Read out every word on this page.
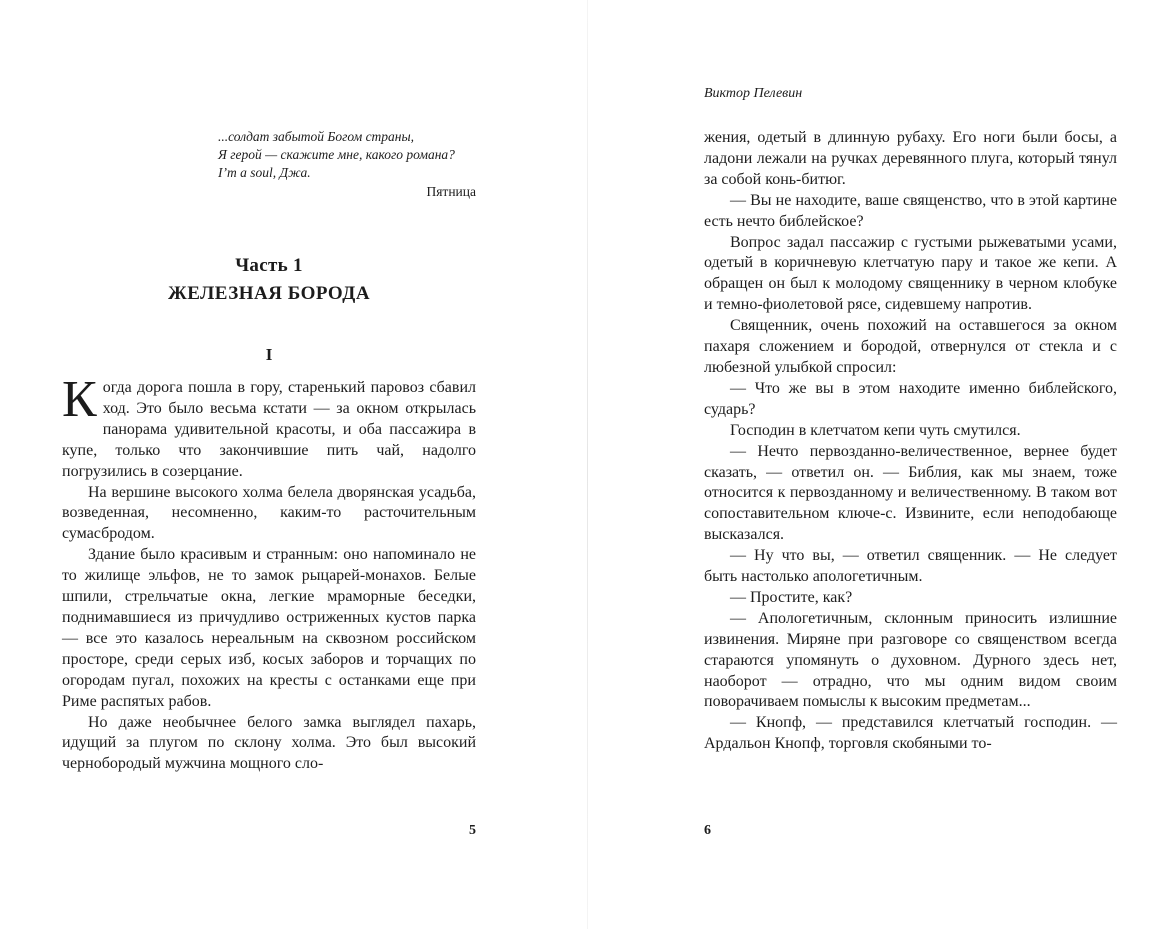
...солдат забытой Богом страны,
Я герой — скажите мне, какого романа?
I’m a soul, Джа.
Пятница
Часть 1
ЖЕЛЕЗНАЯ БОРОДА
I

Когда дорога пошла в гору, старенький паровоз сбавил ход. Это было весьма кстати — за окном открылась панорама удивительной красоты, и оба пассажира в купе, только что закончившие пить чай, надолго погрузились в созерцание.

На вершине высокого холма белела дворянская усадьба, возведенная, несомненно, каким-то расточительным сумасбродом.

Здание было красивым и странным: оно напоминало не то жилище эльфов, не то замок рыцарей-монахов. Белые шпили, стрельчатые окна, легкие мраморные беседки, поднимавшиеся из причудливо остриженных кустов парка — все это казалось нереальным на сквозном российском просторе, среди серых изб, косых заборов и торчащих по огородам пугал, похожих на кресты с останками еще при Риме распятых рабов.

Но даже необычнее белого замка выглядел пахарь, идущий за плугом по склону холма. Это был высокий чернобородый мужчина мощного сло-

5
Виктор Пелевин

жения, одетый в длинную рубаху. Его ноги были босы, а ладони лежали на ручках деревянного плуга, который тянул за собой конь-битюг.

— Вы не находите, ваше священство, что в этой картине есть нечто библейское?

Вопрос задал пассажир с густыми рыжеватыми усами, одетый в коричневую клетчатую пару и такое же кепи. А обращен он был к молодому священнику в черном клобуке и темно-фиолетовой рясе, сидевшему напротив.

Священник, очень похожий на оставшегося за окном пахаря сложением и бородой, отвернулся от стекла и с любезной улыбкой спросил:

— Что же вы в этом находите именно библейского, сударь?

Господин в клетчатом кепи чуть смутился.

— Нечто первозданно-величественное, вернее будет сказать, — ответил он. — Библия, как мы знаем, тоже относится к первозданному и величественному. В таком вот сопоставительном ключе-с. Извините, если неподобающе высказался.

— Ну что вы, — ответил священник. — Не следует быть настолько апологетичным.

— Простите, как?

— Апологетичным, склонным приносить излишние извинения. Миряне при разговоре со священством всегда стараются упомянуть о духовном. Дурного здесь нет, наоборот — отрадно, что мы одним видом своим поворачиваем помыслы к высоким предметам...

— Кнопф, — представился клетчатый господин. — Ардальон Кнопф, торговля скобяными то-

6
